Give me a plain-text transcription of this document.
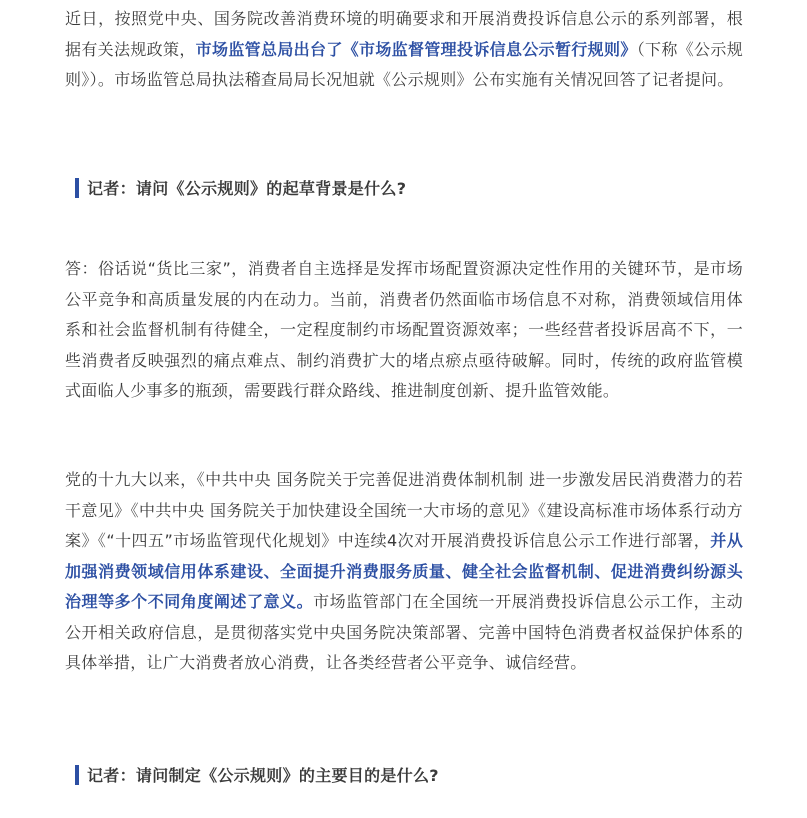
近日，按照党中央、国务院改善消费环境的明确要求和开展消费投诉信息公示的系列部署，根据有关法规政策，市场监管总局出台了《市场监督管理投诉信息公示暂行规则》（下称《公示规则》）。市场监管总局执法稽查局局长况旭就《公示规则》公布实施有关情况回答了记者提问。

记者：请问《公示规则》的起草背景是什么?

答：俗话说“货比三家”，消费者自主选择是发挥市场配置资源决定性作用的关键环节，是市场公平竞争和高质量发展的内在动力。当前，消费者仍然面临市场信息不对称，消费领域信用体系和社会监督机制有待健全，一定程度制约市场配置资源效率；一些经营者投诉居高不下，一些消费者反映强烈的痛点难点、制约消费扩大的堵点瘀点亟待破解。同时，传统的政府监管模式面临人少事多的瓶颈，需要践行群众路线、推进制度创新、提升监管效能。

党的十九大以来，《中共中央 国务院关于完善促进消费体制机制 进一步激发居民消费潜力的若干意见》《中共中央 国务院关于加快建设全国统一大市场的意见》《建设高标准市场体系行动方案》《“十四五”市场监管现代化规划》中连续4次对开展消费投诉信息公示工作进行部署，并从加强消费领域信用体系建设、全面提升消费服务质量、健全社会监督机制、促进消费纠纷源头治理等多个不同角度阐述了意义。市场监管部门在全国统一开展消费投诉信息公示工作，主动公开相关政府信息，是贯彻落实党中央国务院决策部署、完善中国特色消费者权益保护体系的具体举措，让广大消费者放心消费，让各类经营者公平竞争、诚信经营。

记者：请问制定《公示规则》的主要目的是什么?
